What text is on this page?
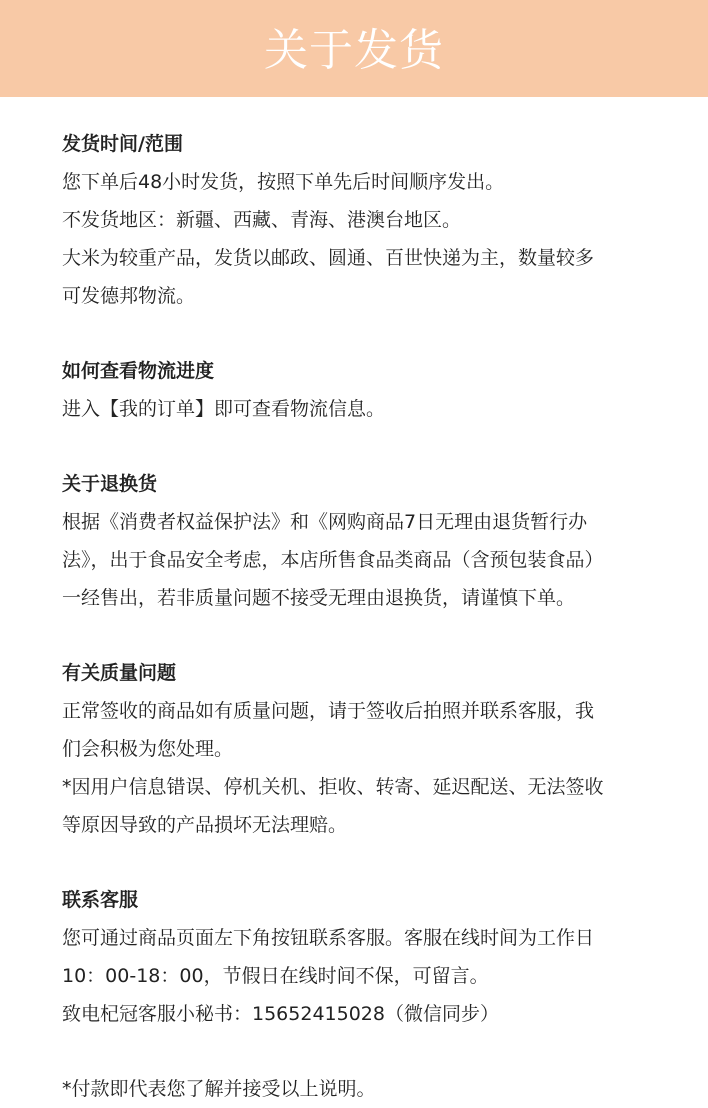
关于发货

发货时间/范围

您下单后48小时发货，按照下单先后时间顺序发出。

不发货地区：新疆、西藏、青海、港澳台地区。

大米为较重产品，发货以邮政、圆通、百世快递为主，数量较多

可发德邦物流。

如何查看物流进度

进入【我的订单】即可查看物流信息。

关于退换货

根据《消费者权益保护法》和《网购商品7日无理由退货暂行办

法》，出于食品安全考虑，本店所售食品类商品（含预包装食品）

一经售出，若非质量问题不接受无理由退换货，请谨慎下单。

有关质量问题

正常签收的商品如有质量问题，请于签收后拍照并联系客服，我

们会积极为您处理。

*因用户信息错误、停机关机、拒收、转寄、延迟配送、无法签收

等原因导致的产品损坏无法理赔。

联系客服

您可通过商品页面左下角按钮联系客服。客服在线时间为工作日

10：00-18：00，节假日在线时间不保，可留言。

致电杞冠客服小秘书：15652415028（微信同步）

*付款即代表您了解并接受以上说明。
